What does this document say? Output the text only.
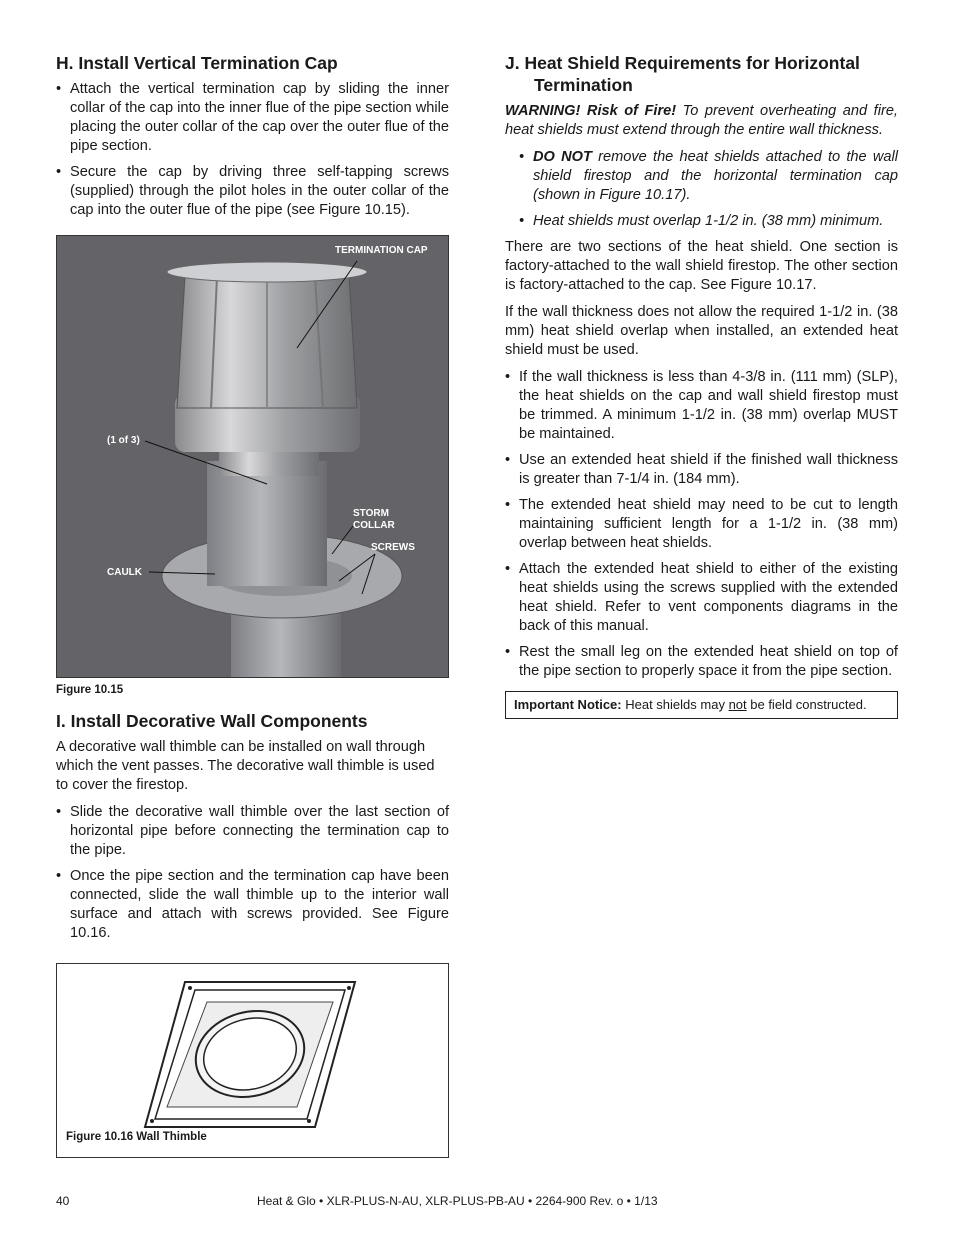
H. Install Vertical Termination Cap
• Attach the vertical termination cap by sliding the inner collar of the cap into the inner flue of the pipe section while placing the outer collar of the cap over the outer flue of the pipe section.
• Secure the cap by driving three self-tapping screws (supplied) through the pilot holes in the outer collar of the cap into the outer flue of the pipe (see Figure 10.15).
TERMINATION CAP
(1 of 3)
STORM
COLLAR
SCREWS
CAULK
Figure 10.15
I. Install Decorative Wall Components

A decorative wall thimble can be installed on wall through which the vent passes. The decorative wall thimble is used to cover the firestop.

• Slide the decorative wall thimble over the last section of horizontal pipe before connecting the termination cap to the pipe.
• Once the pipe section and the termination cap have been connected, slide the wall thimble up to the interior wall surface and attach with screws provided. See Figure 10.16.
Figure 10.16 Wall Thimble
J. Heat Shield Requirements for Horizontal Termination

WARNING! Risk of Fire! To prevent overheating and fire, heat shields must extend through the entire wall thickness.

• DO NOT remove the heat shields attached to the wall shield firestop and the horizontal termination cap (shown in Figure 10.17).
• Heat shields must overlap 1-1/2 in. (38 mm) minimum.

There are two sections of the heat shield. One section is factory-attached to the wall shield firestop. The other section is factory-attached to the cap. See Figure 10.17.

If the wall thickness does not allow the required 1-1/2 in. (38 mm) heat shield overlap when installed, an extended heat shield must be used.

• If the wall thickness is less than 4-3/8 in. (111 mm) (SLP), the heat shields on the cap and wall shield firestop must be trimmed. A minimum 1-1/2 in. (38 mm) overlap MUST be maintained.
• Use an extended heat shield if the finished wall thickness is greater than 7-1/4 in. (184 mm).
• The extended heat shield may need to be cut to length maintaining sufficient length for a 1-1/2 in. (38 mm) overlap between heat shields.
• Attach the extended heat shield to either of the existing heat shields using the screws supplied with the extended heat shield. Refer to vent components diagrams in the back of this manual.
• Rest the small leg on the extended heat shield on top of the pipe section to properly space it from the pipe section.
Important Notice: Heat shields may not be field constructed.
40	Heat & Glo • XLR-PLUS-N-AU, XLR-PLUS-PB-AU • 2264-900 Rev. o • 1/13
